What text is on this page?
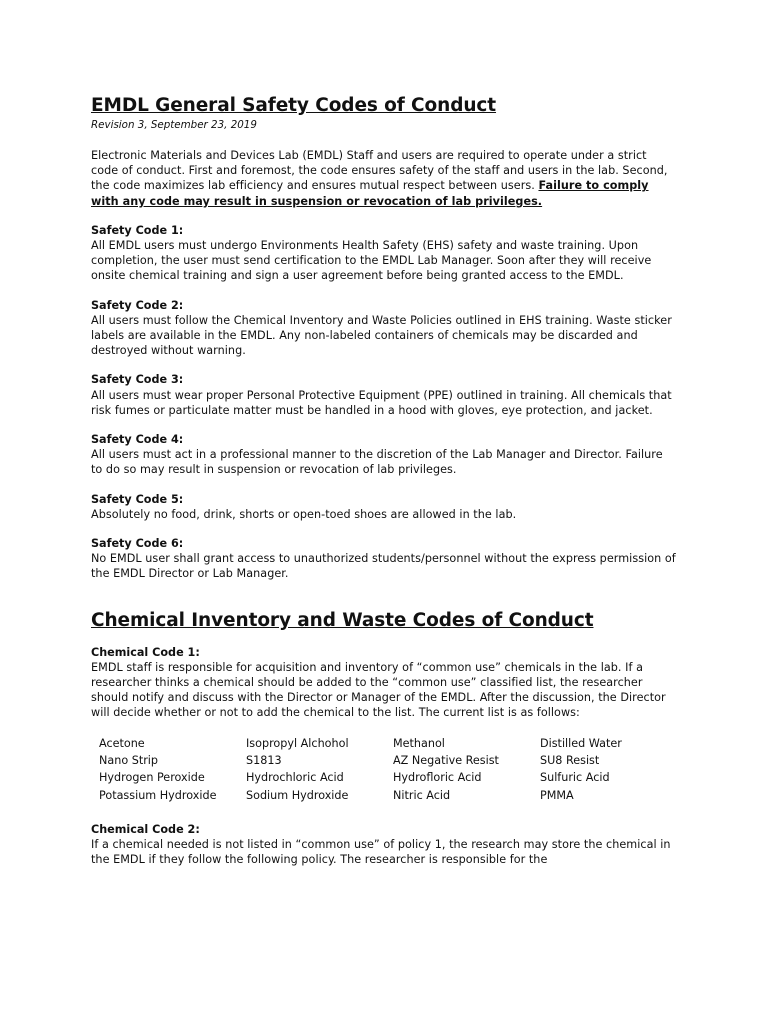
EMDL General Safety Codes of Conduct

Revision 3, September 23, 2019

Electronic Materials and Devices Lab (EMDL) Staff and users are required to operate under a strict code of conduct. First and foremost, the code ensures safety of the staff and users in the lab. Second, the code maximizes lab efficiency and ensures mutual respect between users. Failure to comply with any code may result in suspension or revocation of lab privileges.

Safety Code 1:

All EMDL users must undergo Environments Health Safety (EHS) safety and waste training. Upon completion, the user must send certification to the EMDL Lab Manager. Soon after they will receive onsite chemical training and sign a user agreement before being granted access to the EMDL.

Safety Code 2:

All users must follow the Chemical Inventory and Waste Policies outlined in EHS training. Waste sticker labels are available in the EMDL. Any non-labeled containers of chemicals may be discarded and destroyed without warning.

Safety Code 3:

All users must wear proper Personal Protective Equipment (PPE) outlined in training. All chemicals that risk fumes or particulate matter must be handled in a hood with gloves, eye protection, and jacket.

Safety Code 4:

All users must act in a professional manner to the discretion of the Lab Manager and Director. Failure to do so may result in suspension or revocation of lab privileges.

Safety Code 5:

Absolutely no food, drink, shorts or open-toed shoes are allowed in the lab.

Safety Code 6:

No EMDL user shall grant access to unauthorized students/personnel without the express permission of the EMDL Director or Lab Manager.

Chemical Inventory and Waste Codes of Conduct

Chemical Code 1:

EMDL staff is responsible for acquisition and inventory of “common use” chemicals in the lab. If a researcher thinks a chemical should be added to the “common use” classified list, the researcher should notify and discuss with the Director or Manager of the EMDL. After the discussion, the Director will decide whether or not to add the chemical to the list. The current list is as follows:

Acetone	Isopropyl Alchohol	Methanol	Distilled Water
Nano Strip	S1813	AZ Negative Resist	SU8 Resist
Hydrogen Peroxide	Hydrochloric Acid	Hydrofloric Acid	Sulfuric Acid
Potassium Hydroxide	Sodium Hydroxide	Nitric Acid	PMMA

Chemical Code 2:

If a chemical needed is not listed in “common use” of policy 1, the research may store the chemical in the EMDL if they follow the following policy. The researcher is responsible for the
